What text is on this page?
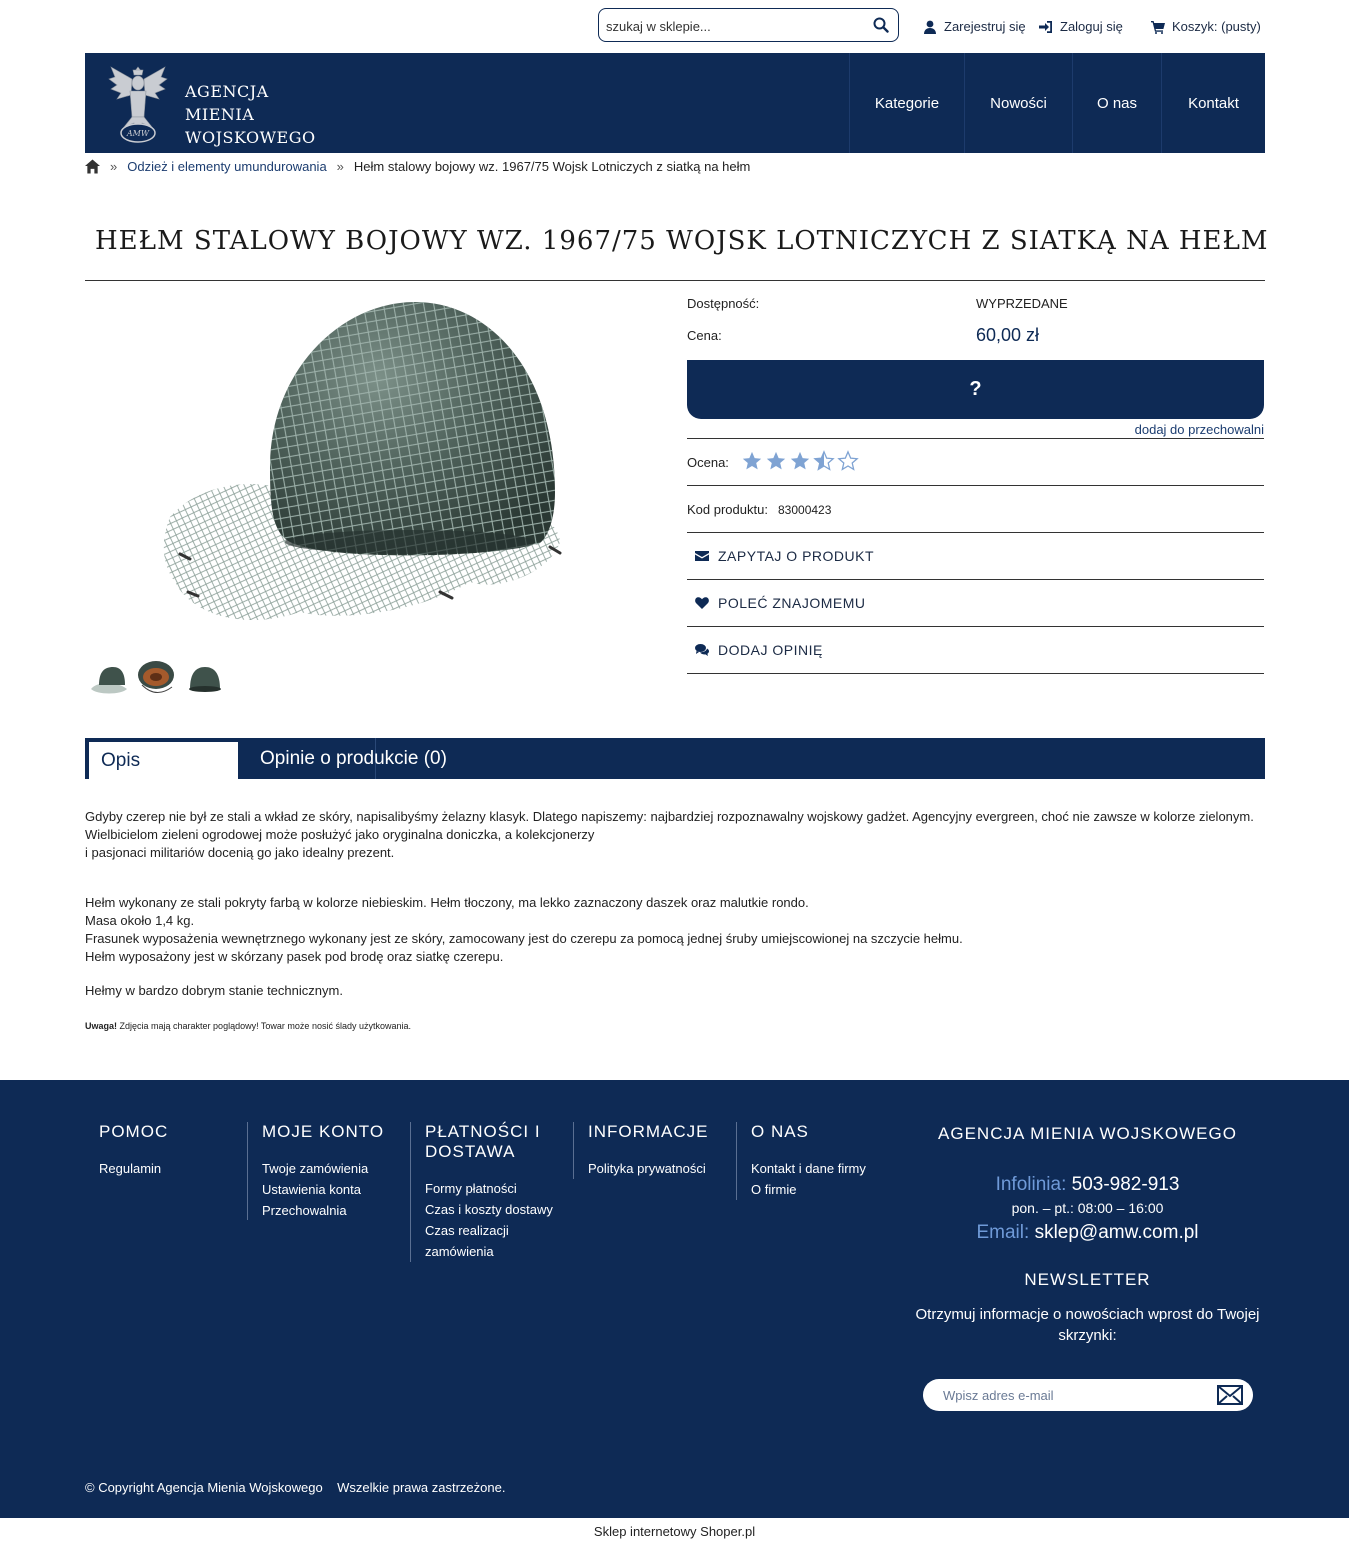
szukaj w sklepie...
Zarejestruj się	Zaloguj się	Koszyk: (pusty)
AMW
AGENCJA
MIENIA
WOJSKOWEGO
Kategorie	Nowości	O nas	Kontakt
» Odzież i elementy umundurowania » Hełm stalowy bojowy wz. 1967/75 Wojsk Lotniczych z siatką na hełm
HEŁM STALOWY BOJOWY WZ. 1967/75 WOJSK LOTNICZYCH Z SIATKĄ NA HEŁM
Dostępność:	WYPRZEDANE
Cena:	60,00 zł
?
dodaj do przechowalni
Ocena:
Kod produktu: 83000423
ZAPYTAJ O PRODUKT
POLEĆ ZNAJOMEMU
DODAJ OPINIĘ
Opis	Opinie o produkcie (0)
Gdyby czerep nie był ze stali a wkład ze skóry, napisalibyśmy żelazny klasyk. Dlatego napiszemy: najbardziej rozpoznawalny wojskowy gadżet. Agencyjny evergreen, choć nie zawsze w kolorze zielonym.
Wielbicielom zieleni ogrodowej może posłużyć jako oryginalna doniczka, a kolekcjonerzy
i pasjonaci militariów docenią go jako idealny prezent.
Hełm wykonany ze stali pokryty farbą w kolorze niebieskim. Hełm tłoczony, ma lekko zaznaczony daszek oraz malutkie rondo.
Masa około 1,4 kg.
Frasunek wyposażenia wewnętrznego wykonany jest ze skóry, zamocowany jest do czerepu za pomocą jednej śruby umiejscowionej na szczycie hełmu.
Hełm wyposażony jest w skórzany pasek pod brodę oraz siatkę czerepu.
Hełmy w bardzo dobrym stanie technicznym.
Uwaga! Zdjęcia mają charakter poglądowy! Towar może nosić ślady użytkowania.
POMOC
Regulamin
MOJE KONTO
Twoje zamówienia
Ustawienia konta
Przechowalnia
PŁATNOŚCI I
DOSTAWA
Formy płatności
Czas i koszty dostawy
Czas realizacji
zamówienia
INFORMACJE
Polityka prywatności
O NAS
Kontakt i dane firmy
O firmie
AGENCJA MIENIA WOJSKOWEGO
Infolinia: 503-982-913
pon. – pt.: 08:00 – 16:00
Email: sklep@amw.com.pl
NEWSLETTER
Otrzymuj informacje o nowościach wprost do Twojej
skrzynki:
Wpisz adres e-mail
© Copyright Agencja Mienia Wojskowego    Wszelkie prawa zastrzeżone.
Sklep internetowy Shoper.pl
